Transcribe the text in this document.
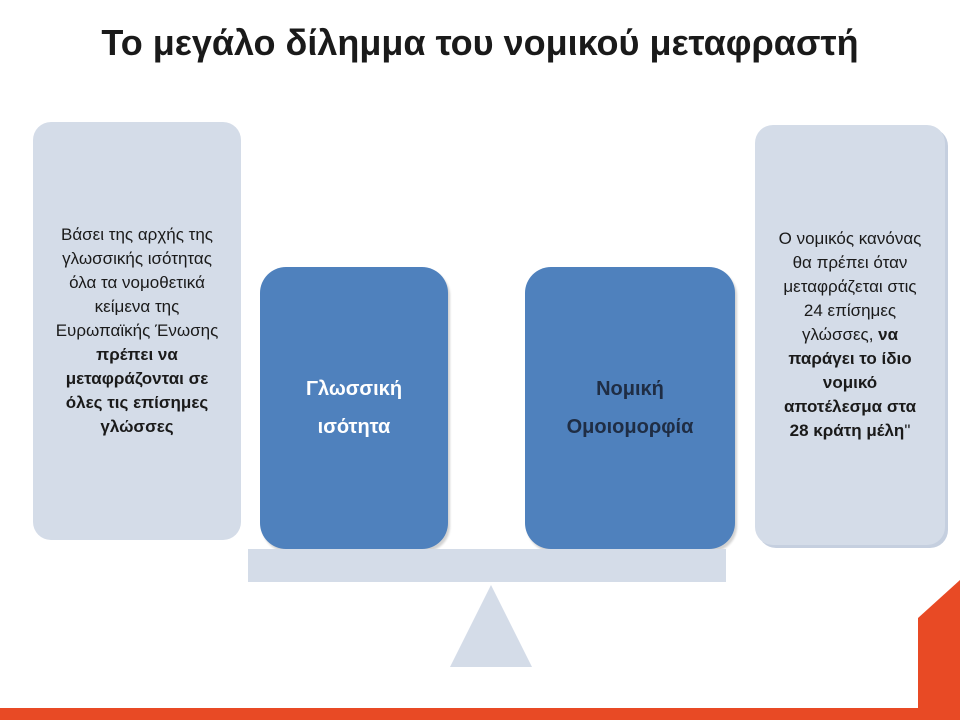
Το μεγάλο δίλημμα του νομικού μεταφραστή
Βάσει της αρχής της γλωσσικής ισότητας όλα τα νομοθετικά κείμενα της Ευρωπαϊκής Ένωσης πρέπει να μεταφράζονται σε όλες τις επίσημες γλώσσες
Γλωσσική
ισότητα
Νομική
Ομοιομορφία
Ο νομικός κανόνας θα πρέπει όταν μεταφράζεται στις 24 επίσημες γλώσσες, να παράγει το ίδιο νομικό αποτέλεσμα στα 28 κράτη μέλη"
